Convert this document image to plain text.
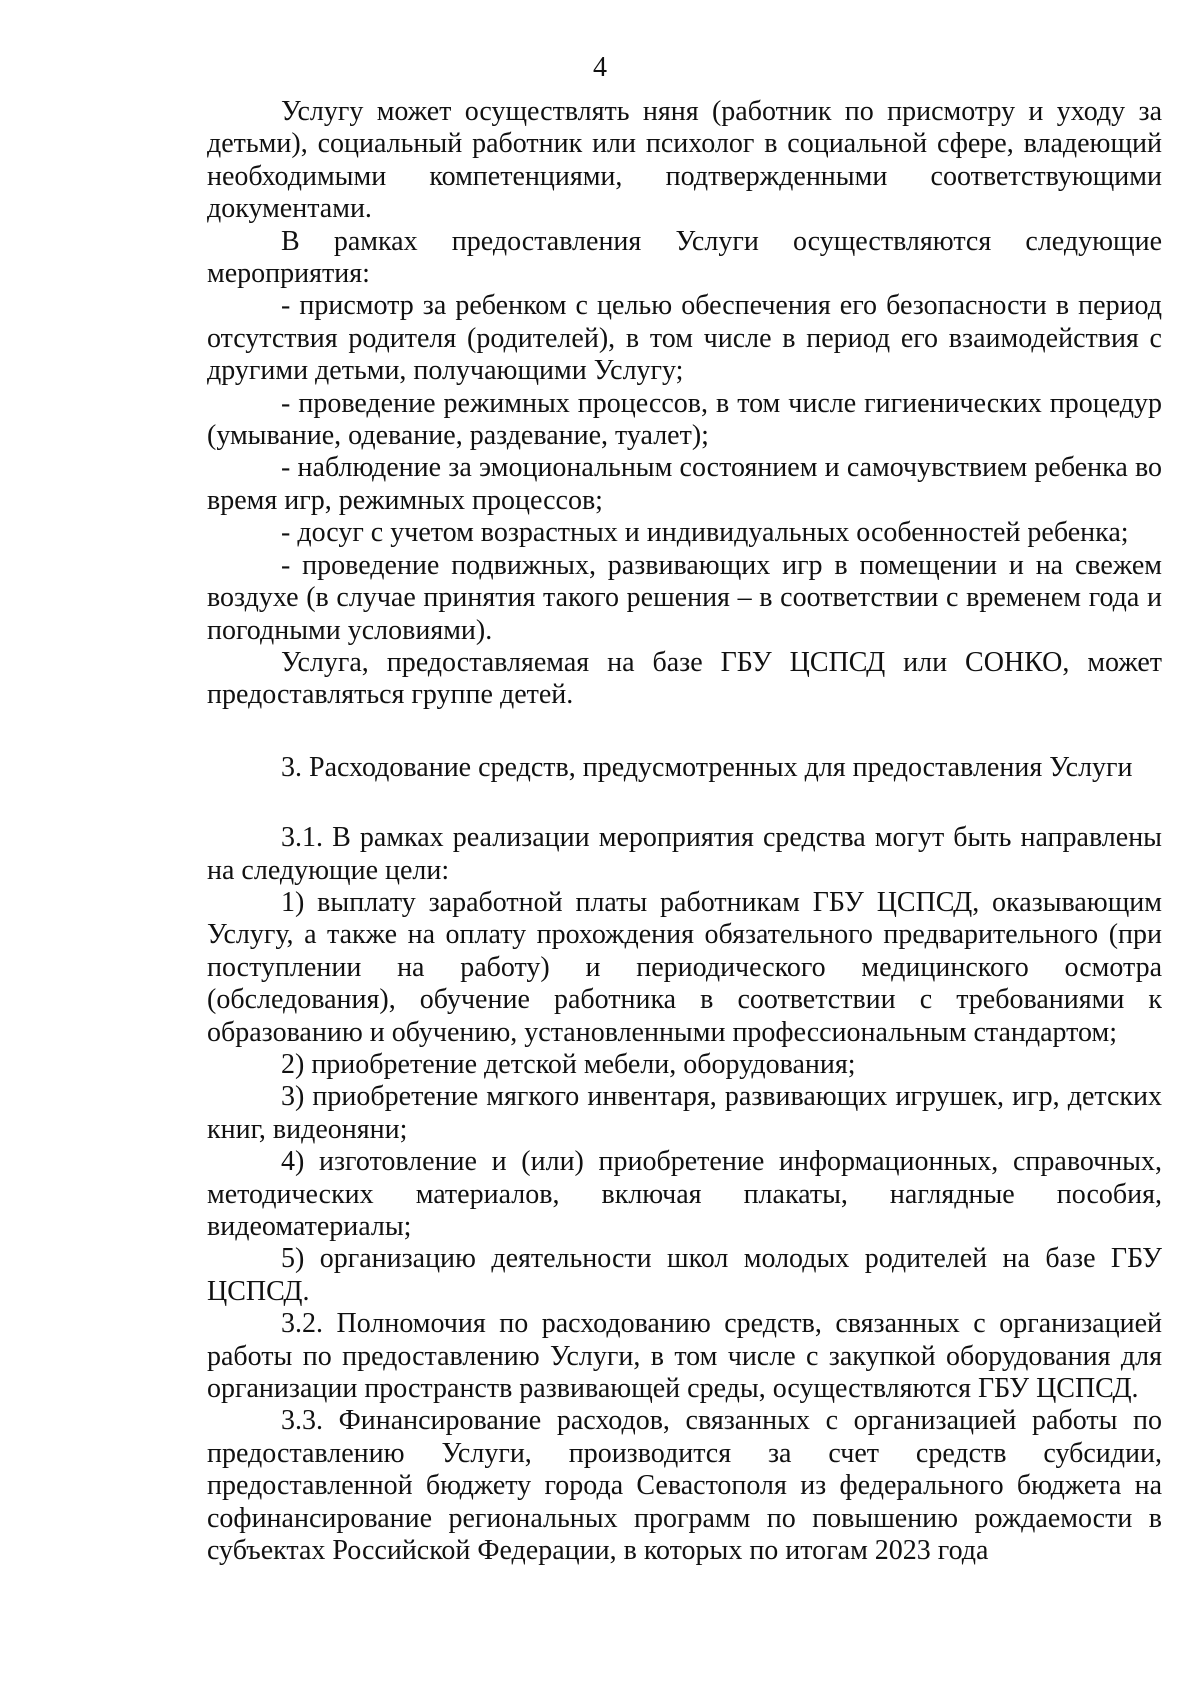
4

Услугу может осуществлять няня (работник по присмотру и уходу за детьми), социальный работник или психолог в социальной сфере, владеющий необходимыми компетенциями, подтвержденными соответствующими документами.

В рамках предоставления Услуги осуществляются следующие мероприятия:

- присмотр за ребенком с целью обеспечения его безопасности в период отсутствия родителя (родителей), в том числе в период его взаимодействия с другими детьми, получающими Услугу;

- проведение режимных процессов, в том числе гигиенических процедур (умывание, одевание, раздевание, туалет);

- наблюдение за эмоциональным состоянием и самочувствием ребенка во время игр, режимных процессов;

- досуг с учетом возрастных и индивидуальных особенностей ребенка;

- проведение подвижных, развивающих игр в помещении и на свежем воздухе (в случае принятия такого решения – в соответствии с временем года и погодными условиями).

Услуга, предоставляемая на базе ГБУ ЦСПСД или СОНКО, может предоставляться группе детей.

3. Расходование средств, предусмотренных для предоставления Услуги

3.1. В рамках реализации мероприятия средства могут быть направлены на следующие цели:

1) выплату заработной платы работникам ГБУ ЦСПСД, оказывающим Услугу, а также на оплату прохождения обязательного предварительного (при поступлении на работу) и периодического медицинского осмотра (обследования), обучение работника в соответствии с требованиями к образованию и обучению, установленными профессиональным стандартом;

2) приобретение детской мебели, оборудования;

3) приобретение мягкого инвентаря, развивающих игрушек, игр, детских книг, видеоняни;

4) изготовление и (или) приобретение информационных, справочных, методических материалов, включая плакаты, наглядные пособия, видеоматериалы;

5) организацию деятельности школ молодых родителей на базе ГБУ ЦСПСД.

3.2. Полномочия по расходованию средств, связанных с организацией работы по предоставлению Услуги, в том числе с закупкой оборудования для организации пространств развивающей среды, осуществляются ГБУ ЦСПСД.

3.3. Финансирование расходов, связанных с организацией работы по предоставлению Услуги, производится за счет средств субсидии, предоставленной бюджету города Севастополя из федерального бюджета на софинансирование региональных программ по повышению рождаемости в субъектах Российской Федерации, в которых по итогам 2023 года
